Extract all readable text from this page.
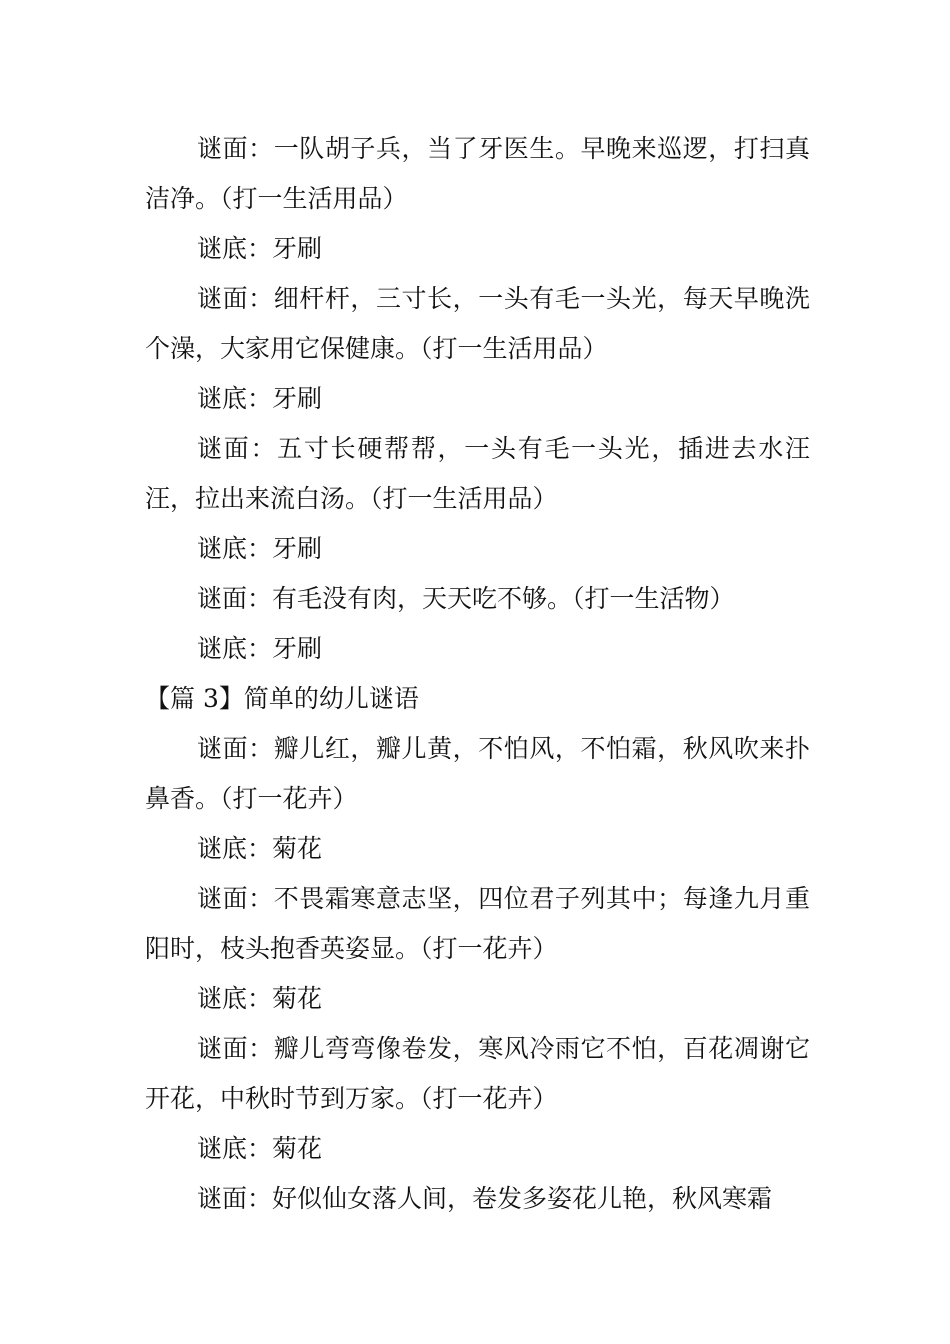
谜面：一队胡子兵，当了牙医生。早晚来巡逻，打扫真洁净。（打一生活用品）

谜底：牙刷

谜面：细杆杆，三寸长，一头有毛一头光，每天早晚洗个澡，大家用它保健康。（打一生活用品）

谜底：牙刷

谜面：五寸长硬帮帮，一头有毛一头光，插进去水汪汪，拉出来流白汤。（打一生活用品）

谜底：牙刷

谜面：有毛没有肉，天天吃不够。（打一生活物）

谜底：牙刷

【篇 3】简单的幼儿谜语

谜面：瓣儿红，瓣儿黄，不怕风，不怕霜，秋风吹来扑鼻香。（打一花卉）

谜底：菊花

谜面：不畏霜寒意志坚，四位君子列其中；每逢九月重阳时，枝头抱香英姿显。（打一花卉）

谜底：菊花

谜面：瓣儿弯弯像卷发，寒风冷雨它不怕，百花凋谢它开花，中秋时节到万家。（打一花卉）

谜底：菊花

谜面：好似仙女落人间，卷发多姿花儿艳，秋风寒霜
